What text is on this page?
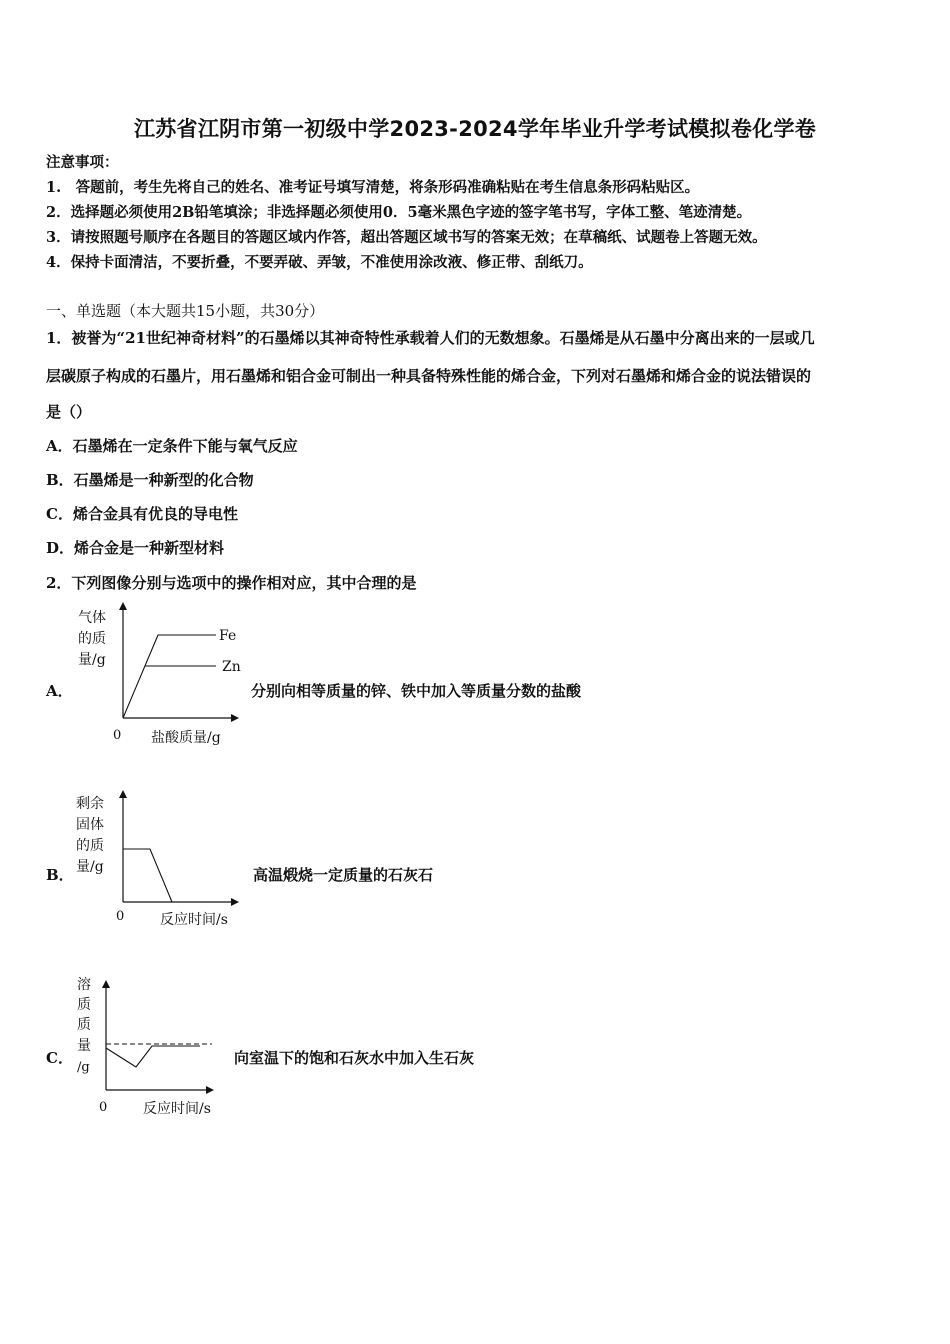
江苏省江阴市第一初级中学2023-2024学年毕业升学考试模拟卷化学卷
注意事项：
1.　答题前，考生先将自己的姓名、准考证号填写清楚，将条形码准确粘贴在考生信息条形码粘贴区。
2．选择题必须使用2B铅笔填涂；非选择题必须使用0．5毫米黑色字迹的签字笔书写，字体工整、笔迹清楚。
3．请按照题号顺序在各题目的答题区域内作答，超出答题区域书写的答案无效；在草稿纸、试题卷上答题无效。
4．保持卡面清洁，不要折叠，不要弄破、弄皱，不准使用涂改液、修正带、刮纸刀。
一、单选题（本大题共15小题，共30分）
1．被誉为“21世纪神奇材料”的石墨烯以其神奇特性承载着人们的无数想象。石墨烯是从石墨中分离出来的一层或几
层碳原子构成的石墨片，用石墨烯和铝合金可制出一种具备特殊性能的烯合金，下列对石墨烯和烯合金的说法错误的
是（）
A．石墨烯在一定条件下能与氧气反应
B．石墨烯是一种新型的化合物
C．烯合金具有优良的导电性
D．烯合金是一种新型材料
2．下列图像分别与选项中的操作相对应，其中合理的是
A．
气体
的质
量/g
Fe
Zn
0 盐酸质量/g
分别向相等质量的锌、铁中加入等质量分数的盐酸
B．
剩余
固体
的质
量/g
0	反应时间/s
高温煅烧一定质量的石灰石
C．
溶
质
质
量
/g
0	反应时间/s
向室温下的饱和石灰水中加入生石灰
